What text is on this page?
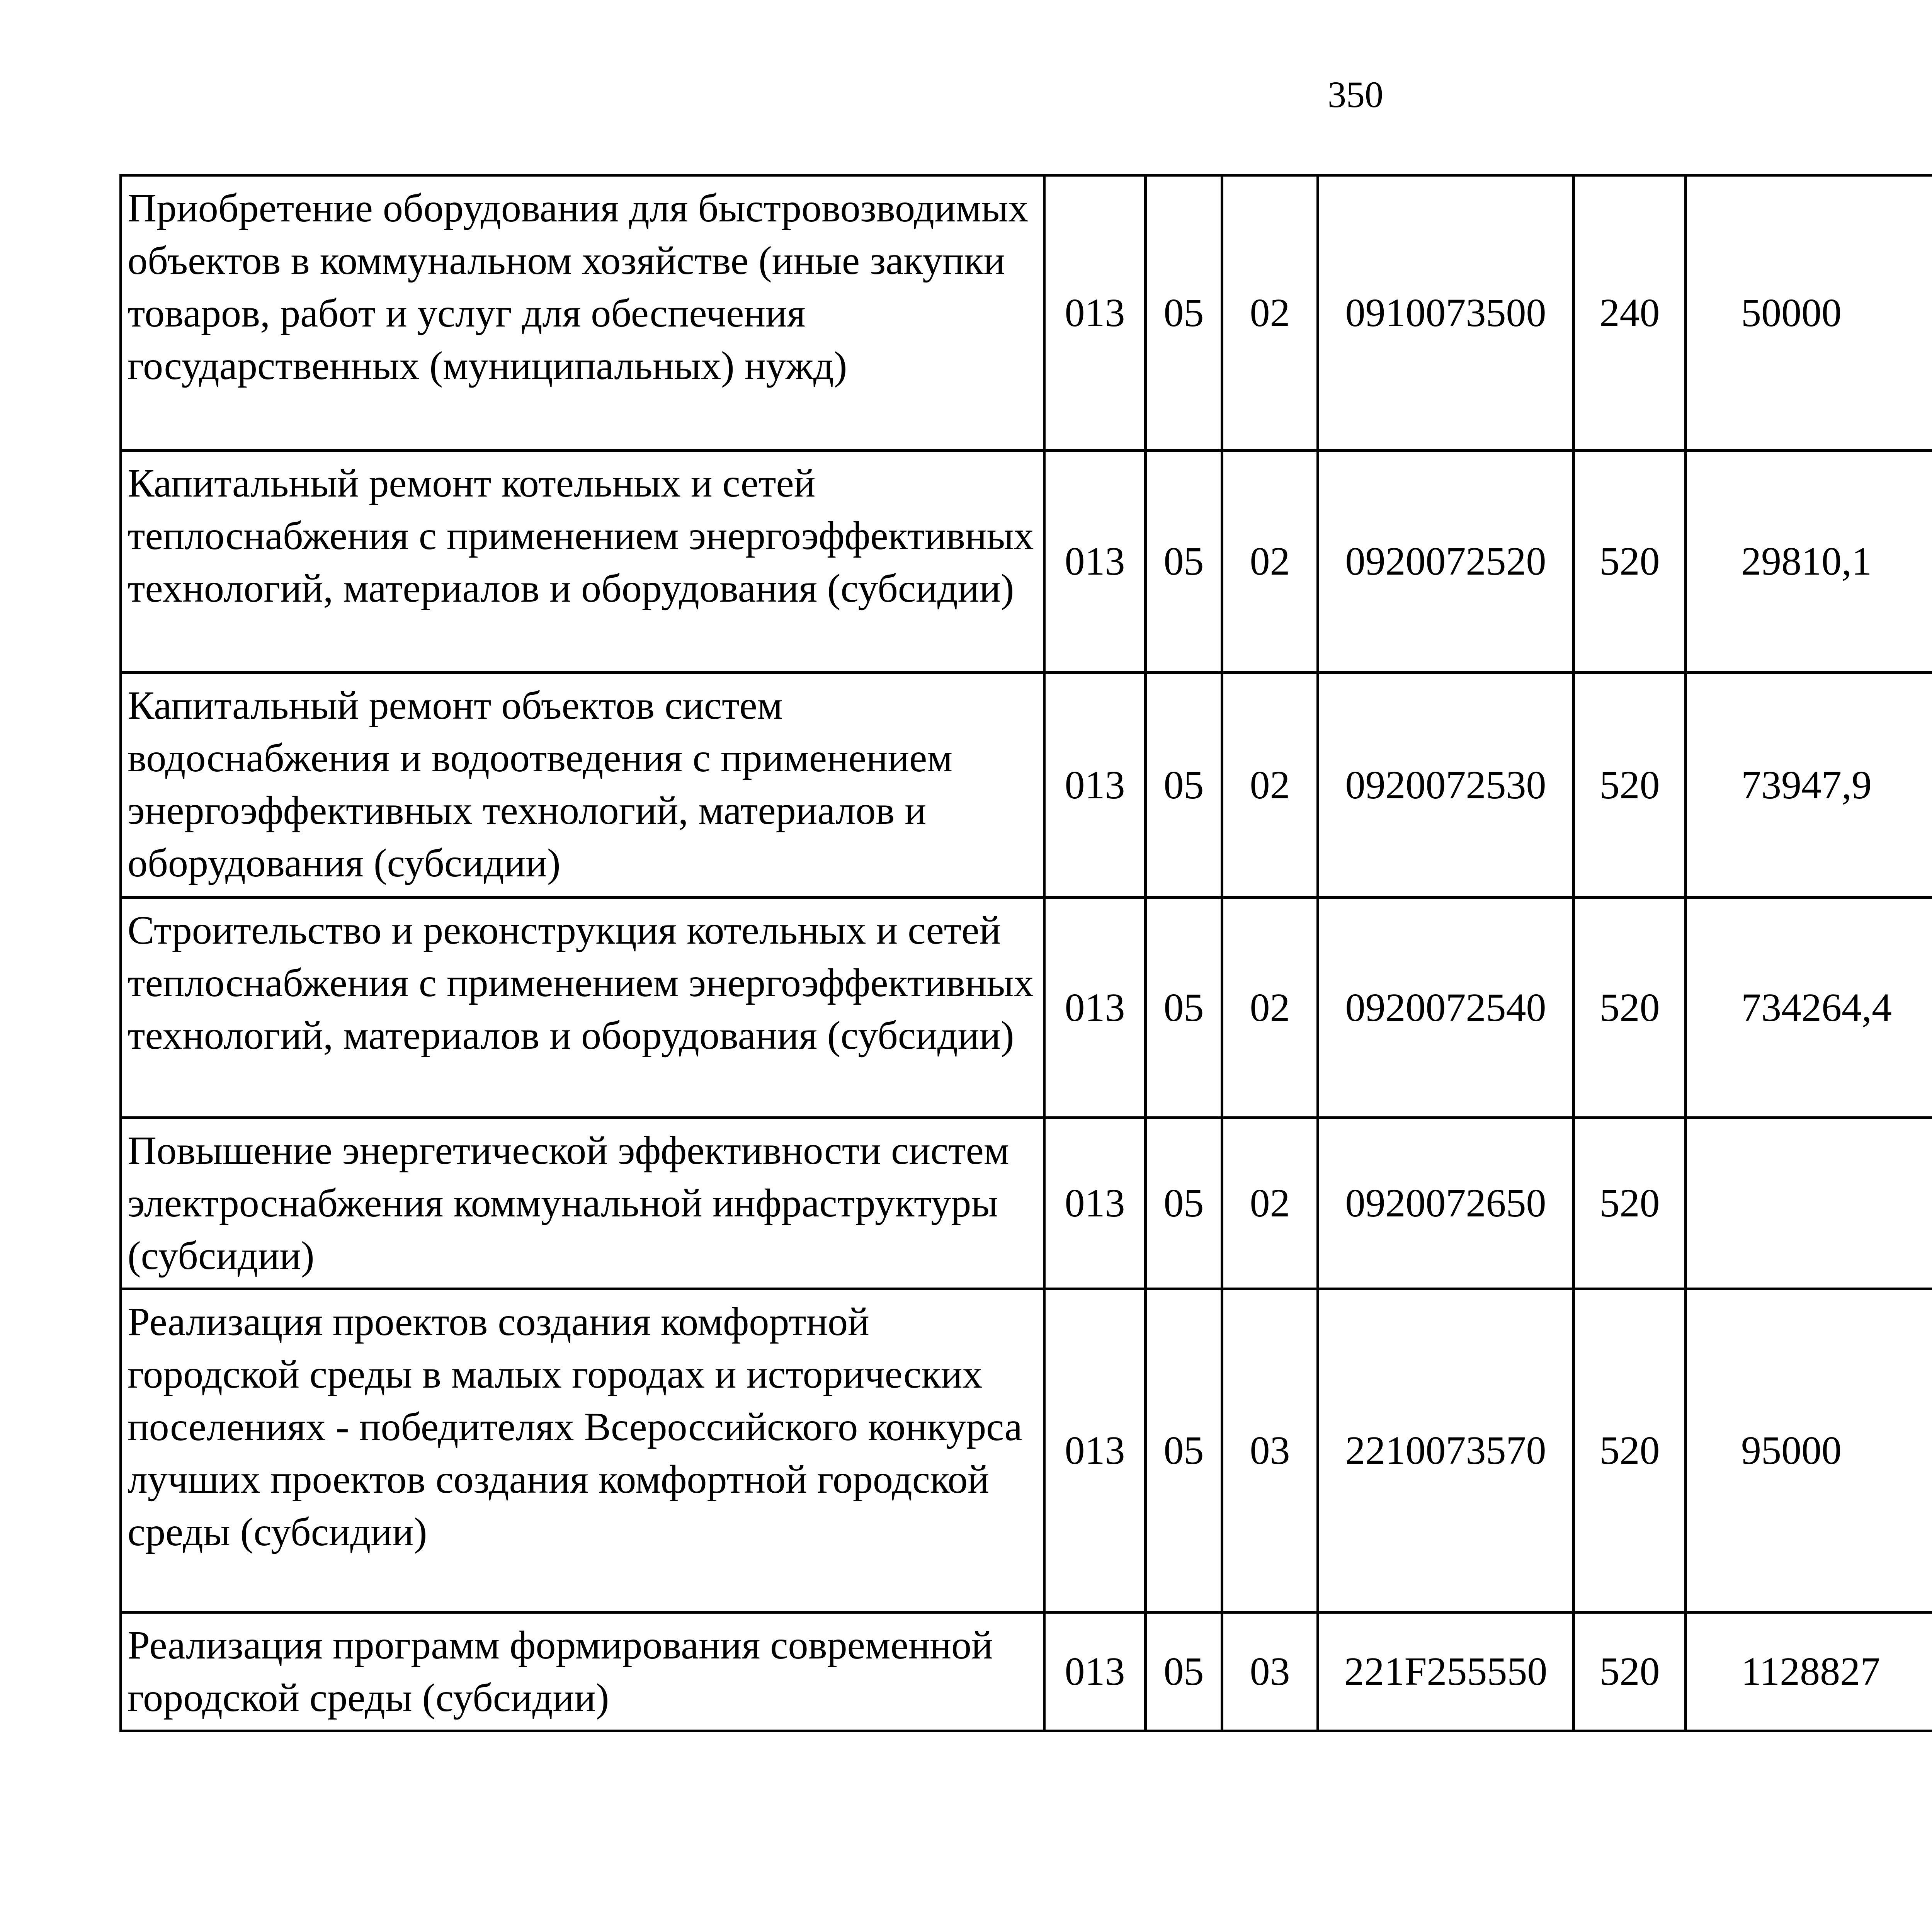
350
Приобретение оборудования для быстровозводимых объектов в коммунальном хозяйстве (иные закупки товаров, работ и услуг для обеспечения государственных (муниципальных) нужд)	013	05	02	0910073500	240	50000		
Капитальный ремонт котельных и сетей теплоснабжения с применением энергоэффективных технологий, материалов и оборудования (субсидии)	013	05	02	0920072520	520	29810,1		
Капитальный ремонт объектов систем водоснабжения и водоотведения с применением энергоэффективных технологий, материалов и оборудования (субсидии)	013	05	02	0920072530	520	73947,9		
Строительство и реконструкция котельных и сетей теплоснабжения с применением энергоэффективных технологий, материалов и оборудования (субсидии)	013	05	02	0920072540	520	734264,4		
Повышение энергетической эффективности систем электроснабжения коммунальной инфраструктуры (субсидии)	013	05	02	0920072650	520			
Реализация проектов создания комфортной городской среды в малых городах и исторических поселениях - победителях Всероссийского конкурса лучших проектов создания комфортной городской среды (субсидии)	013	05	03	2210073570	520	95000		
Реализация программ формирования современной городской среды (субсидии)	013	05	03	221F255550	520	1128827		
